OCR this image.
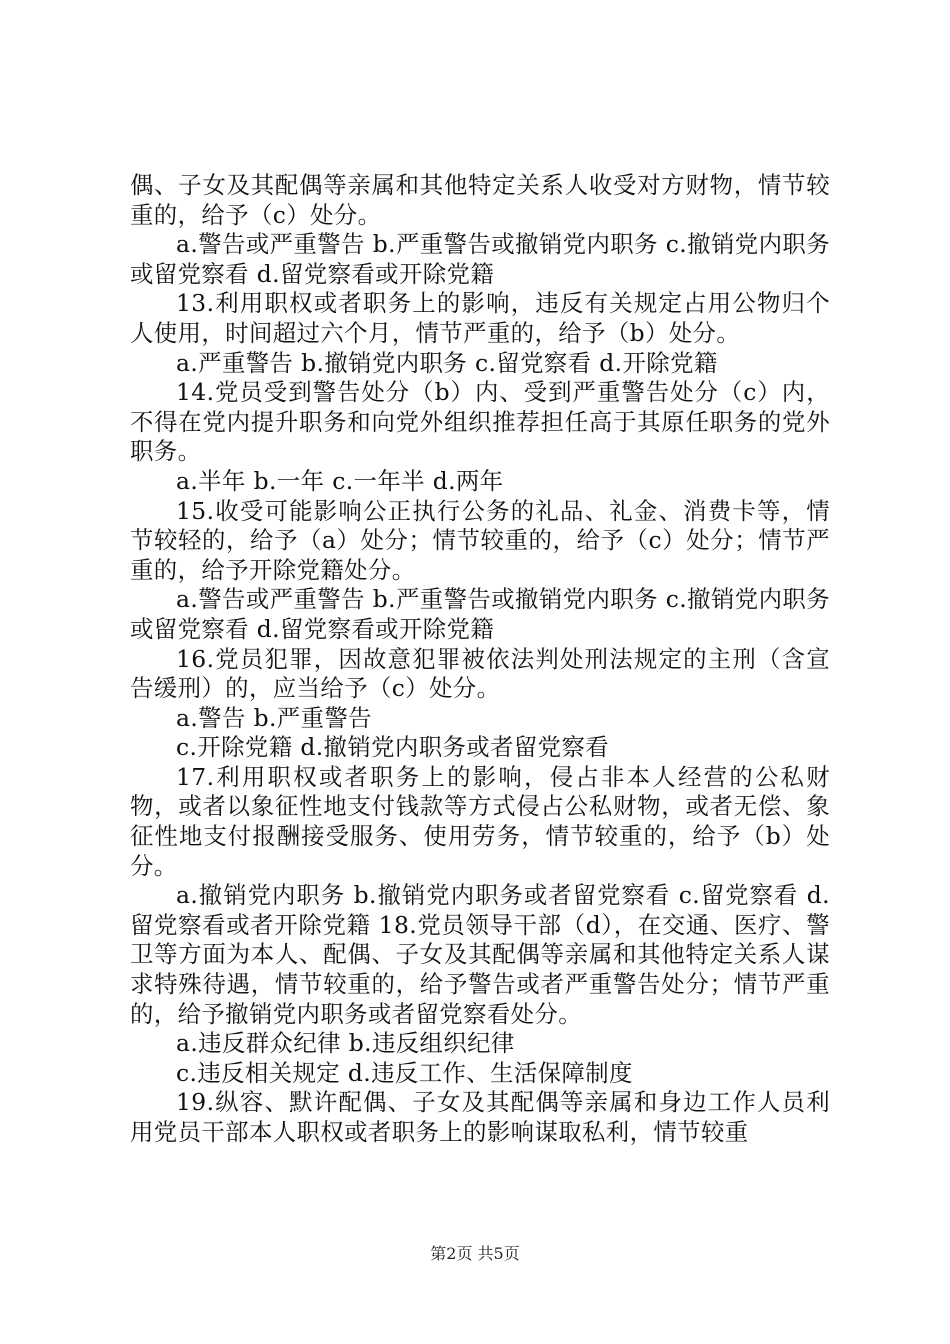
偶、子女及其配偶等亲属和其他特定关系人收受对方财物，情节较重的，给予（c）处分。

a.警告或严重警告 b.严重警告或撤销党内职务 c.撤销党内职务或留党察看 d.留党察看或开除党籍

13.利用职权或者职务上的影响，违反有关规定占用公物归个人使用，时间超过六个月，情节严重的，给予（b）处分。

a.严重警告 b.撤销党内职务 c.留党察看 d.开除党籍

14.党员受到警告处分（b）内、受到严重警告处分（c）内，不得在党内提升职务和向党外组织推荐担任高于其原任职务的党外职务。

a.半年 b.一年 c.一年半 d.两年

15.收受可能影响公正执行公务的礼品、礼金、消费卡等，情节较轻的，给予（a）处分；情节较重的，给予（c）处分；情节严重的，给予开除党籍处分。

a.警告或严重警告 b.严重警告或撤销党内职务 c.撤销党内职务或留党察看 d.留党察看或开除党籍

16.党员犯罪，因故意犯罪被依法判处刑法规定的主刑（含宣告缓刑）的，应当给予（c）处分。

a.警告 b.严重警告

c.开除党籍 d.撤销党内职务或者留党察看

17.利用职权或者职务上的影响，侵占非本人经营的公私财物，或者以象征性地支付钱款等方式侵占公私财物，或者无偿、象征性地支付报酬接受服务、使用劳务，情节较重的，给予（b）处分。

a.撤销党内职务 b.撤销党内职务或者留党察看 c.留党察看 d.留党察看或者开除党籍 18.党员领导干部（d），在交通、医疗、警卫等方面为本人、配偶、子女及其配偶等亲属和其他特定关系人谋求特殊待遇，情节较重的，给予警告或者严重警告处分；情节严重的，给予撤销党内职务或者留党察看处分。

a.违反群众纪律 b.违反组织纪律

c.违反相关规定 d.违反工作、生活保障制度

19.纵容、默许配偶、子女及其配偶等亲属和身边工作人员利用党员干部本人职权或者职务上的影响谋取私利，情节较重

第2页 共5页
